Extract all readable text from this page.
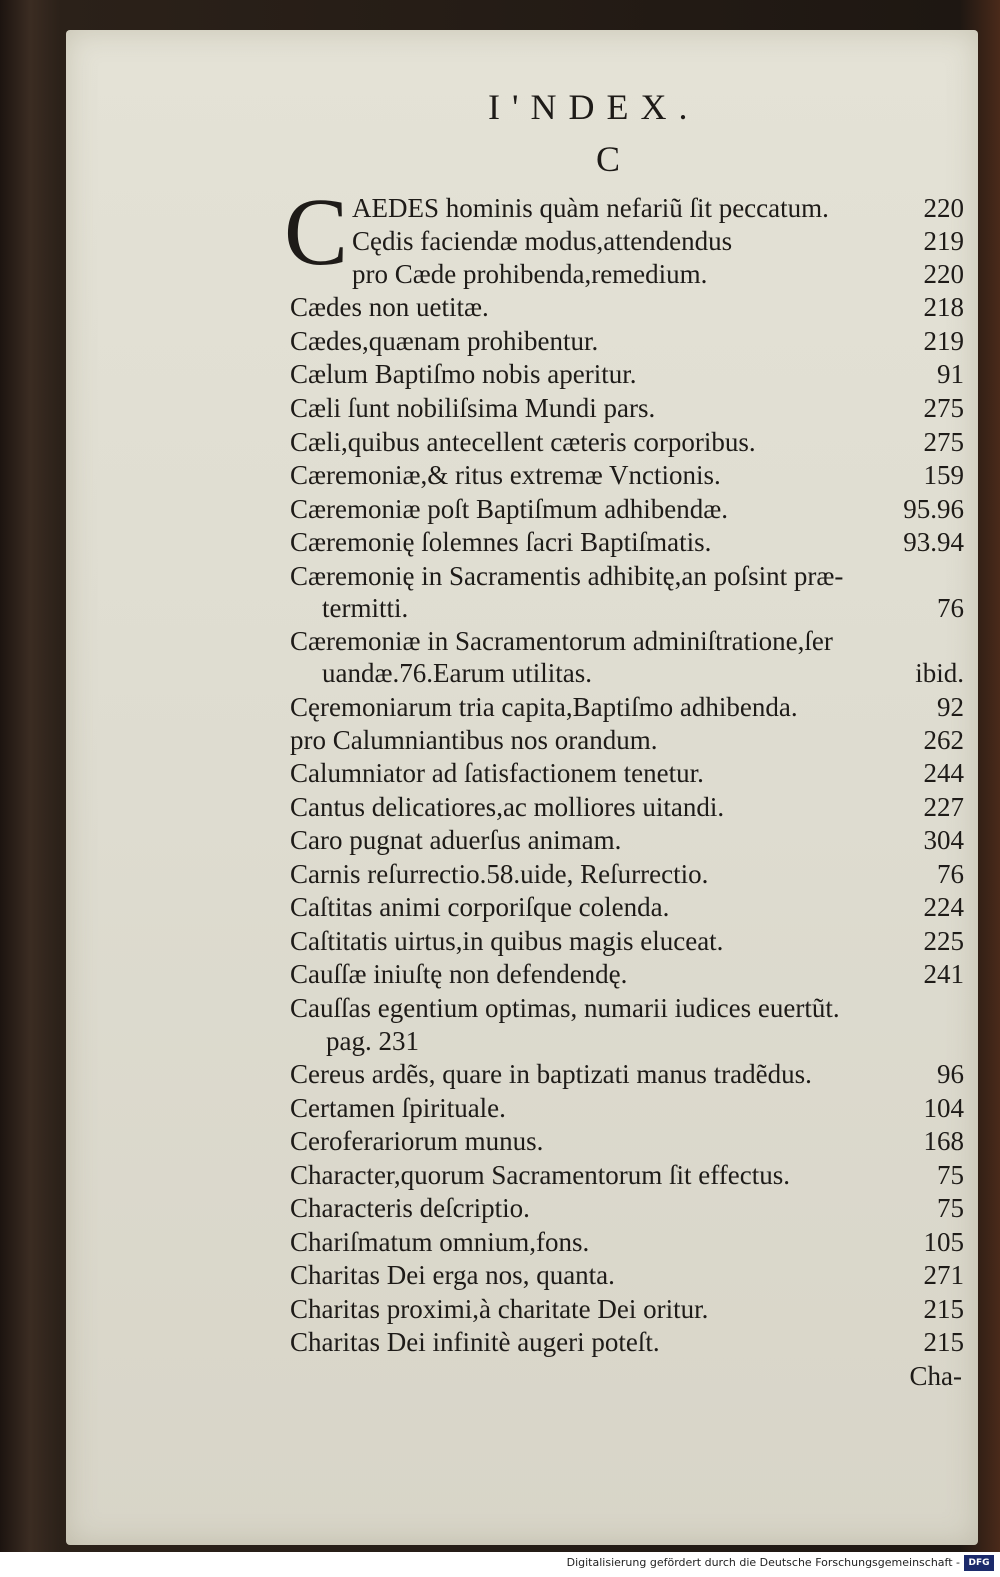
I'NDEX.
C
C AEDES hominis quàm nefariũ ſit peccatum.	220
Cędis faciendæ modus,attendendus	219
pro Cæde prohibenda,remedium.	220
Cædes non uetitæ.	218
Cædes,quænam prohibentur.	219
Cælum Baptiſmo nobis aperitur.	91
Cæli ſunt nobiliſsima Mundi pars.	275
Cæli,quibus antecellent cæteris corporibus.	275
Cæremoniæ,& ritus extremæ Vnctionis.	159
Cæremoniæ poſt Baptiſmum adhibendæ.	95.96
Cæremonię ſolemnes ſacri Baptiſmatis.	93.94
Cæremonię in Sacramentis adhibitę,an poſsint præ-
termitti.	76
Cæremoniæ in Sacramentorum adminiſtratione,ſer
uandæ.76.Earum utilitas.	ibid.
Cęremoniarum tria capita,Baptiſmo adhibenda.	92
pro Calumniantibus nos orandum.	262
Calumniator ad ſatisfactionem tenetur.	244
Cantus delicatiores,ac molliores uitandi.	227
Caro pugnat aduerſus animam.	304
Carnis reſurrectio.58.uide, Reſurrectio.	76
Caſtitas animi corporiſque colenda.	224
Caſtitatis uirtus,in quibus magis eluceat.	225
Cauſſæ iniuſtę non defendendę.	241
Cauſſas egentium optimas, numarii iudices euertũt.
pag. 231
Cereus ardẽs, quare in baptizati manus tradẽdus.	96
Certamen ſpirituale.	104
Ceroferariorum munus.	168
Character,quorum Sacramentorum ſit effectus.	75
Characteris deſcriptio.	75
Chariſmatum omnium,fons.	105
Charitas Dei erga nos, quanta.	271
Charitas proximi,à charitate Dei oritur.	215
Charitas Dei infinitè augeri poteſt.	215
Cha-
Digitalisierung gefördert durch die Deutsche Forschungsgemeinschaft - DFG
